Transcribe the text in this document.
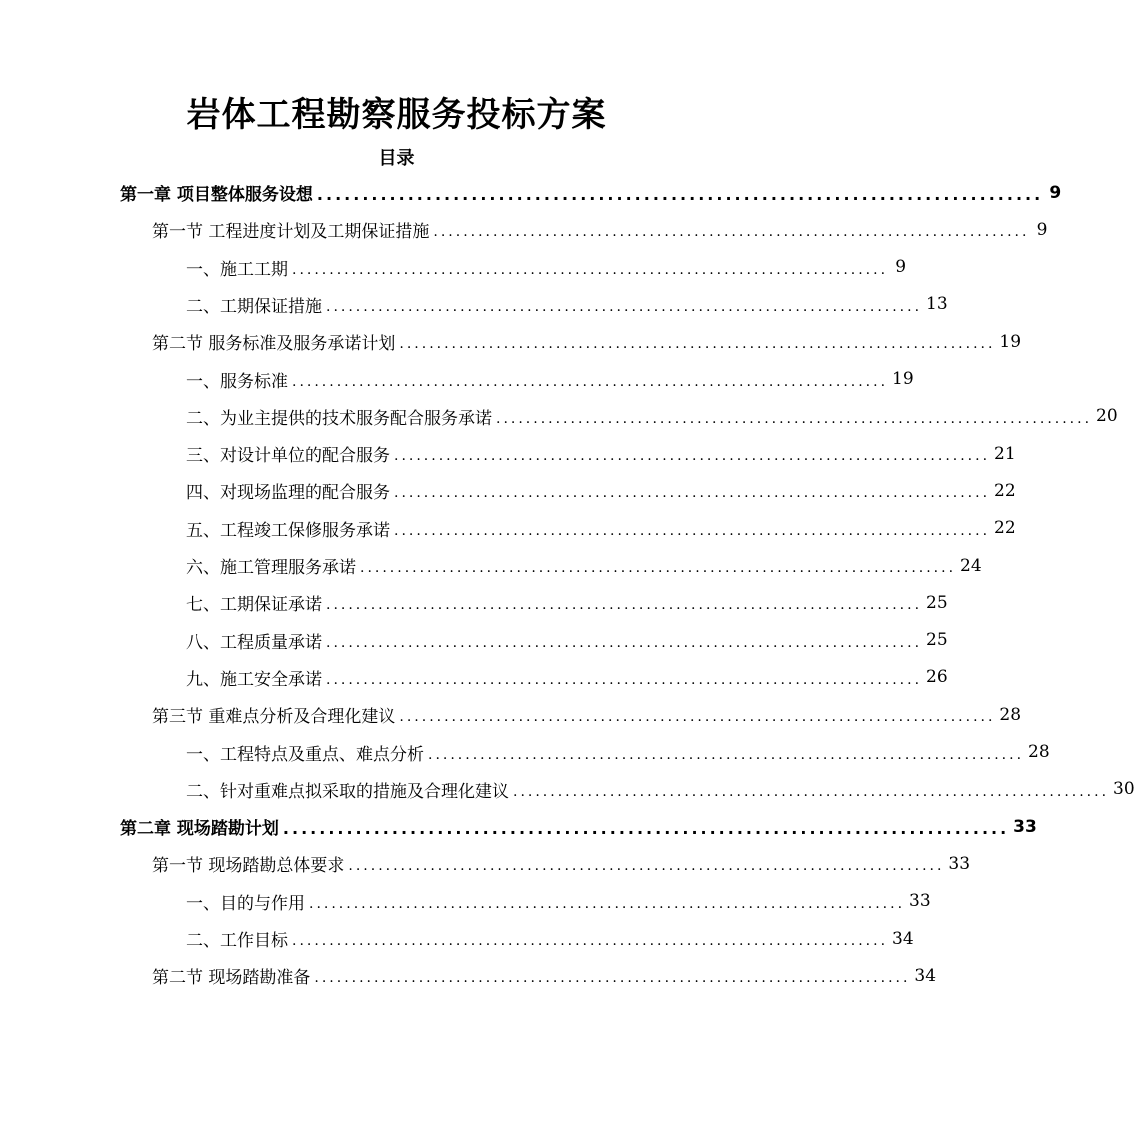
岩体工程勘察服务投标方案
目录
第一章 项目整体服务设想 ................................................................................ 9
第一节 工程进度计划及工期保证措施 ................................................................................ 9
一、施工工期 ................................................................................ 9
二、工期保证措施 ................................................................................ 13
第二节 服务标准及服务承诺计划 ................................................................................ 19
一、服务标准 ................................................................................ 19
二、为业主提供的技术服务配合服务承诺 ................................................................................ 20
三、对设计单位的配合服务 ................................................................................ 21
四、对现场监理的配合服务 ................................................................................ 22
五、工程竣工保修服务承诺 ................................................................................ 22
六、施工管理服务承诺 ................................................................................ 24
七、工期保证承诺 ................................................................................ 25
八、工程质量承诺 ................................................................................ 25
九、施工安全承诺 ................................................................................ 26
第三节 重难点分析及合理化建议 ................................................................................ 28
一、工程特点及重点、难点分析 ................................................................................ 28
二、针对重难点拟采取的措施及合理化建议 ................................................................................ 30
第二章 现场踏勘计划 ................................................................................ 33
第一节 现场踏勘总体要求 ................................................................................ 33
一、目的与作用 ................................................................................ 33
二、工作目标 ................................................................................ 34
第二节 现场踏勘准备 ................................................................................ 34
